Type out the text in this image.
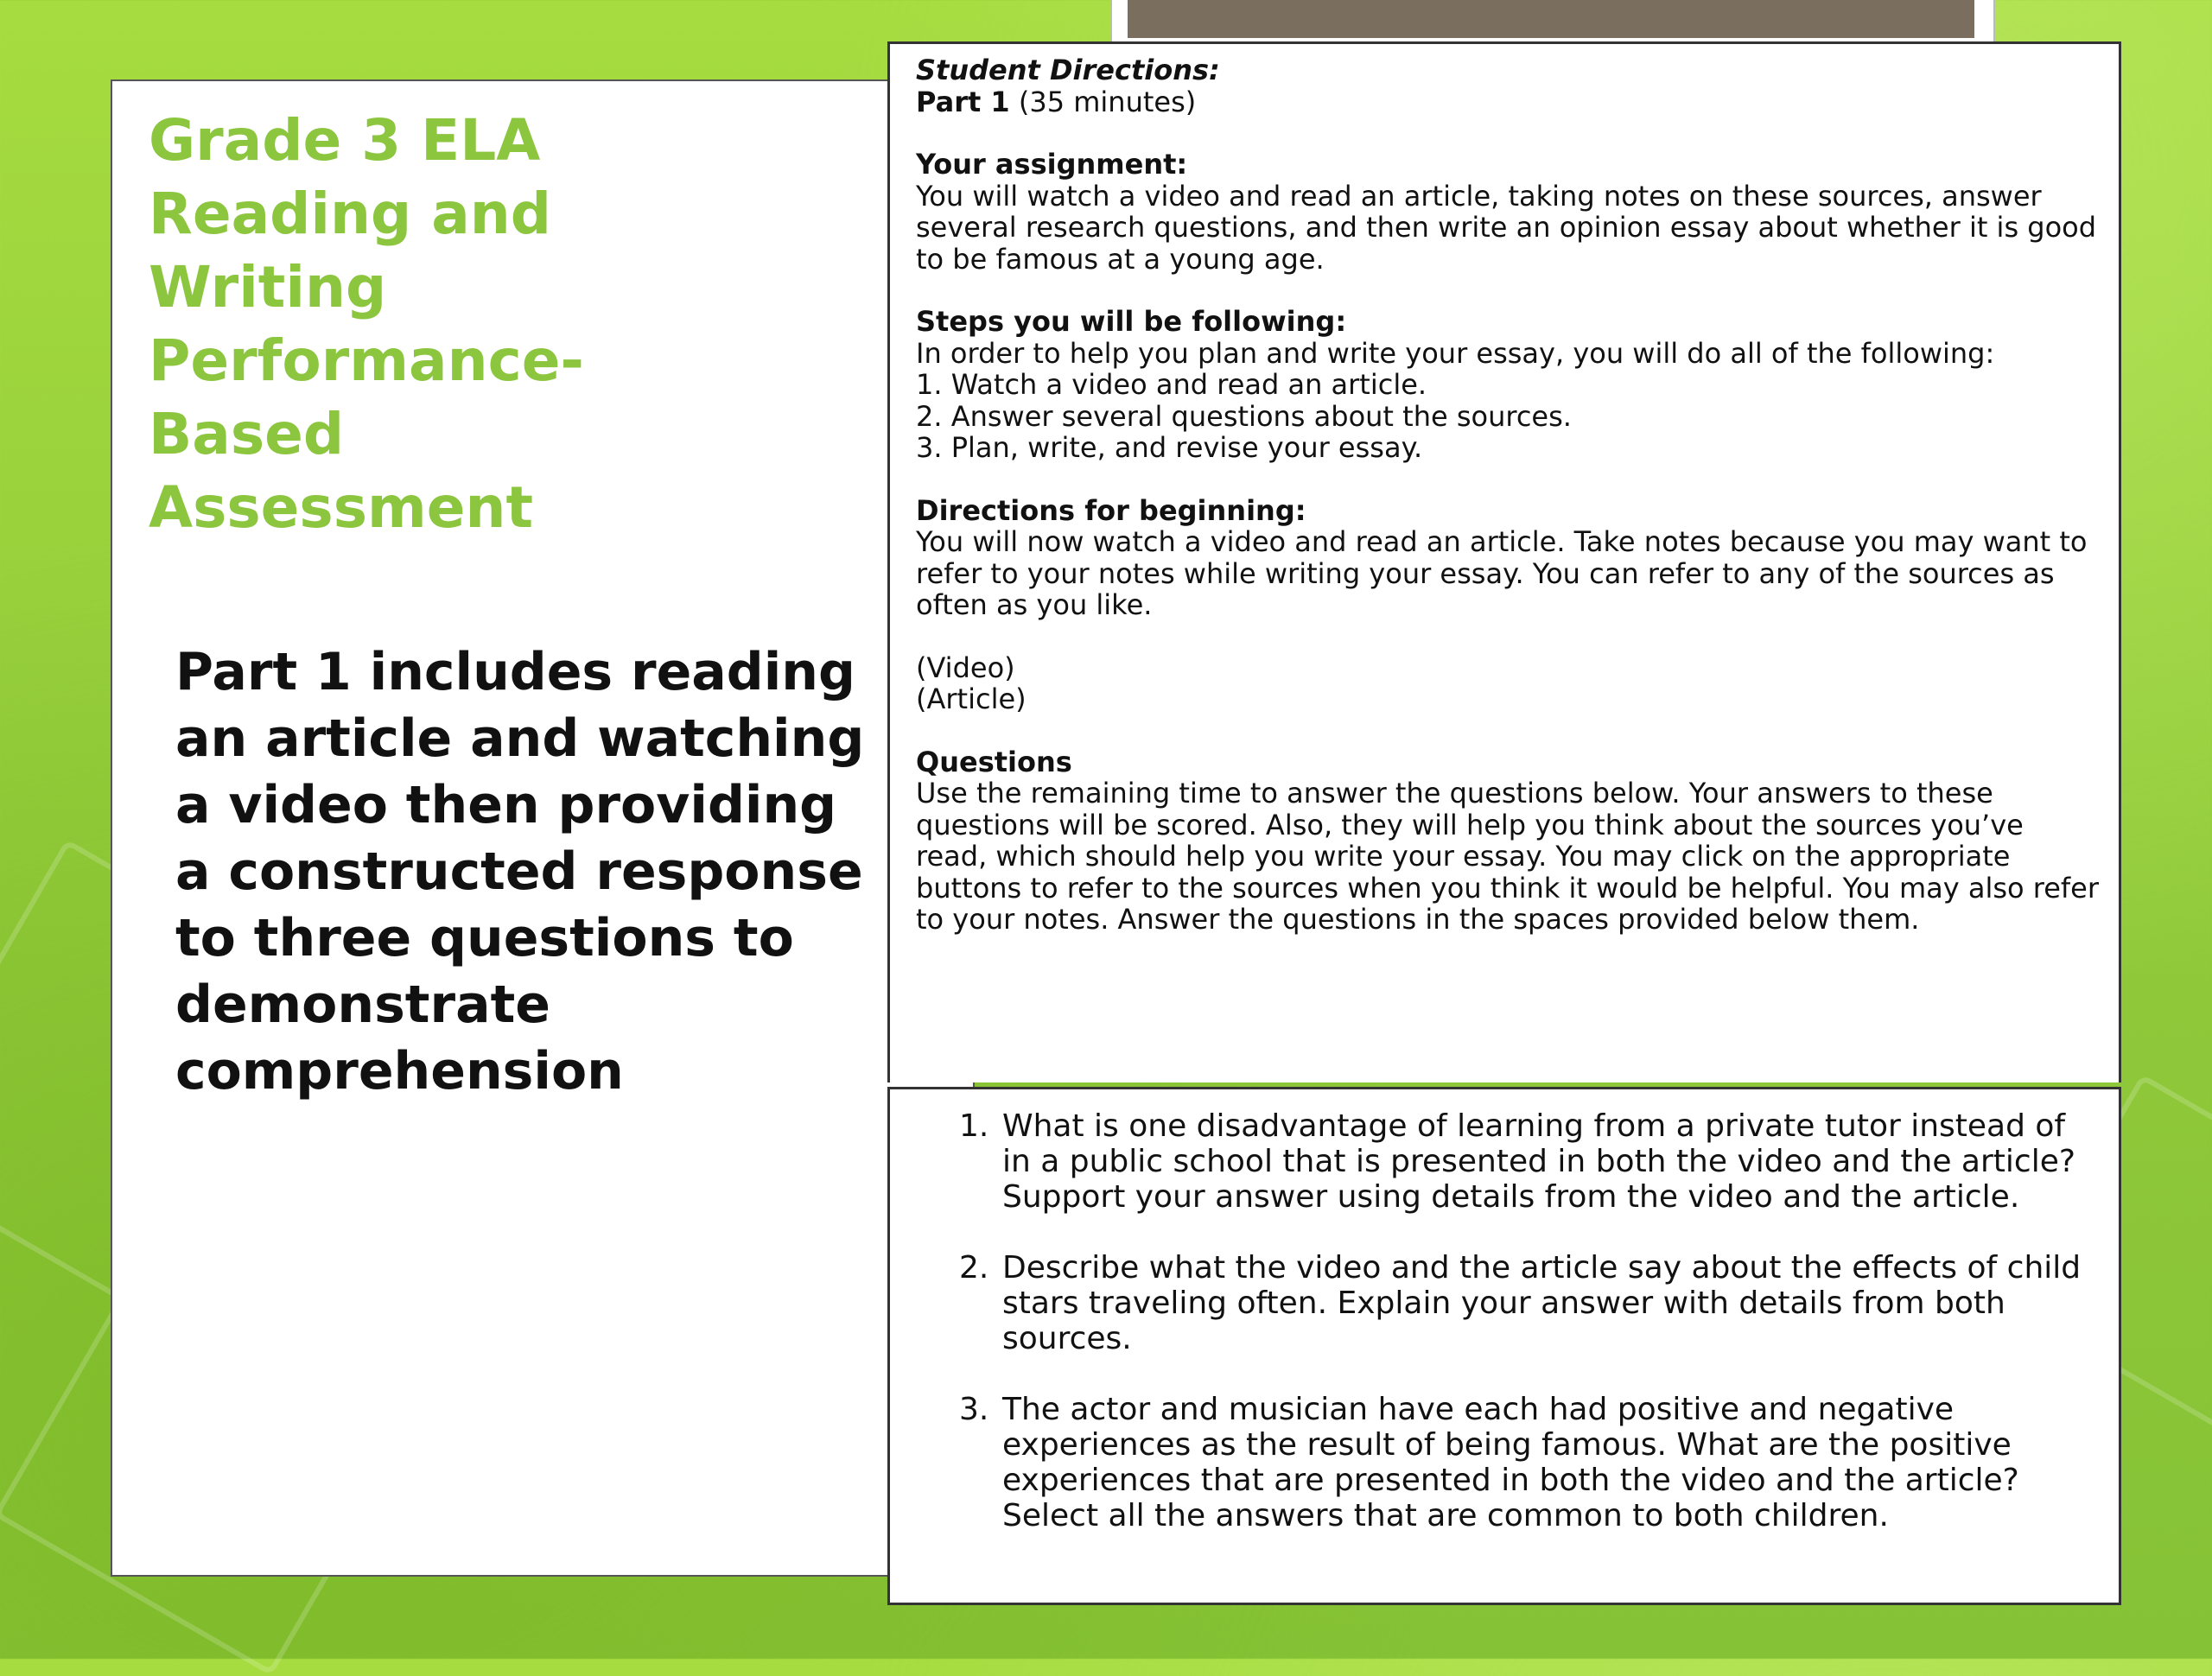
Grade 3 ELA
Reading and
Writing
Performance-
Based
Assessment

Part 1 includes reading an article and watching a video then providing a constructed response to three questions to demonstrate comprehension

Student Directions:

Part 1 (35 minutes)

Your assignment:

You will watch a video and read an article, taking notes on these sources, answer several research questions, and then write an opinion essay about whether it is good to be famous at a young age.

Steps you will be following:

In order to help you plan and write your essay, you will do all of the following:

1. Watch a video and read an article.

2. Answer several questions about the sources.

3. Plan, write, and revise your essay.

Directions for beginning:

You will now watch a video and read an article. Take notes because you may want to refer to your notes while writing your essay. You can refer to any of the sources as often as you like.

(Video)

(Article)

Questions

Use the remaining time to answer the questions below. Your answers to these questions will be scored. Also, they will help you think about the sources you’ve read, which should help you write your essay. You may click on the appropriate buttons to refer to the sources when you think it would be helpful. You may also refer to your notes. Answer the questions in the spaces provided below them.

1. What is one disadvantage of learning from a private tutor instead of in a public school that is presented in both the video and the article? Support your answer using details from the video and the article.
2. Describe what the video and the article say about the effects of child stars traveling often. Explain your answer with details from both sources.
3. The actor and musician have each had positive and negative experiences as the result of being famous. What are the positive experiences that are presented in both the video and the article? Select all the answers that are common to both children.
